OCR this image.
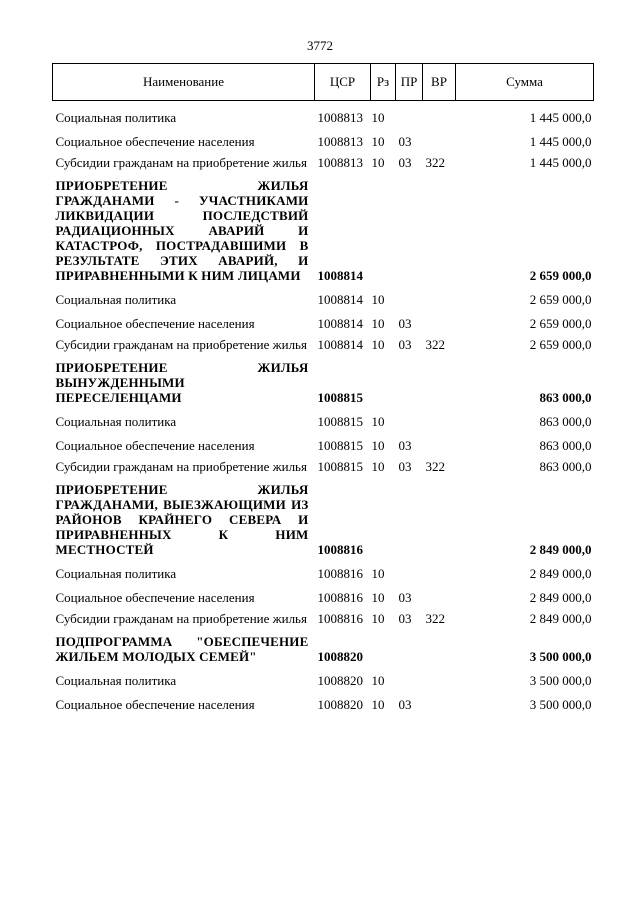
3772
Наименование	ЦСР	Рз	ПР	ВР	Сумма
Социальная политика	1008813	10			1 445 000,0
Социальное обеспечение населения	1008813	10	03		1 445 000,0
Субсидии гражданам на приобретение жилья	1008813	10	03	322	1 445 000,0
ПРИОБРЕТЕНИЕ ЖИЛЬЯ ГРАЖДАНАМИ - УЧАСТНИКАМИ ЛИКВИДАЦИИ ПОСЛЕДСТВИЙ РАДИАЦИОННЫХ АВАРИЙ И КАТАСТРОФ, ПОСТРАДАВШИМИ В РЕЗУЛЬТАТЕ ЭТИХ АВАРИЙ, И ПРИРАВНЕННЫМИ К НИМ ЛИЦАМИ	1008814				2 659 000,0
Социальная политика	1008814	10			2 659 000,0
Социальное обеспечение населения	1008814	10	03		2 659 000,0
Субсидии гражданам на приобретение жилья	1008814	10	03	322	2 659 000,0
ПРИОБРЕТЕНИЕ ЖИЛЬЯ ВЫНУЖДЕННЫМИ ПЕРЕСЕЛЕНЦАМИ	1008815				863 000,0
Социальная политика	1008815	10			863 000,0
Социальное обеспечение населения	1008815	10	03		863 000,0
Субсидии гражданам на приобретение жилья	1008815	10	03	322	863 000,0
ПРИОБРЕТЕНИЕ ЖИЛЬЯ ГРАЖДАНАМИ, ВЫЕЗЖАЮЩИМИ ИЗ РАЙОНОВ КРАЙНЕГО СЕВЕРА И ПРИРАВНЕННЫХ К НИМ МЕСТНОСТЕЙ	1008816				2 849 000,0
Социальная политика	1008816	10			2 849 000,0
Социальное обеспечение населения	1008816	10	03		2 849 000,0
Субсидии гражданам на приобретение жилья	1008816	10	03	322	2 849 000,0
ПОДПРОГРАММА "ОБЕСПЕЧЕНИЕ ЖИЛЬЕМ МОЛОДЫХ СЕМЕЙ"	1008820				3 500 000,0
Социальная политика	1008820	10			3 500 000,0
Социальное обеспечение населения	1008820	10	03		3 500 000,0
